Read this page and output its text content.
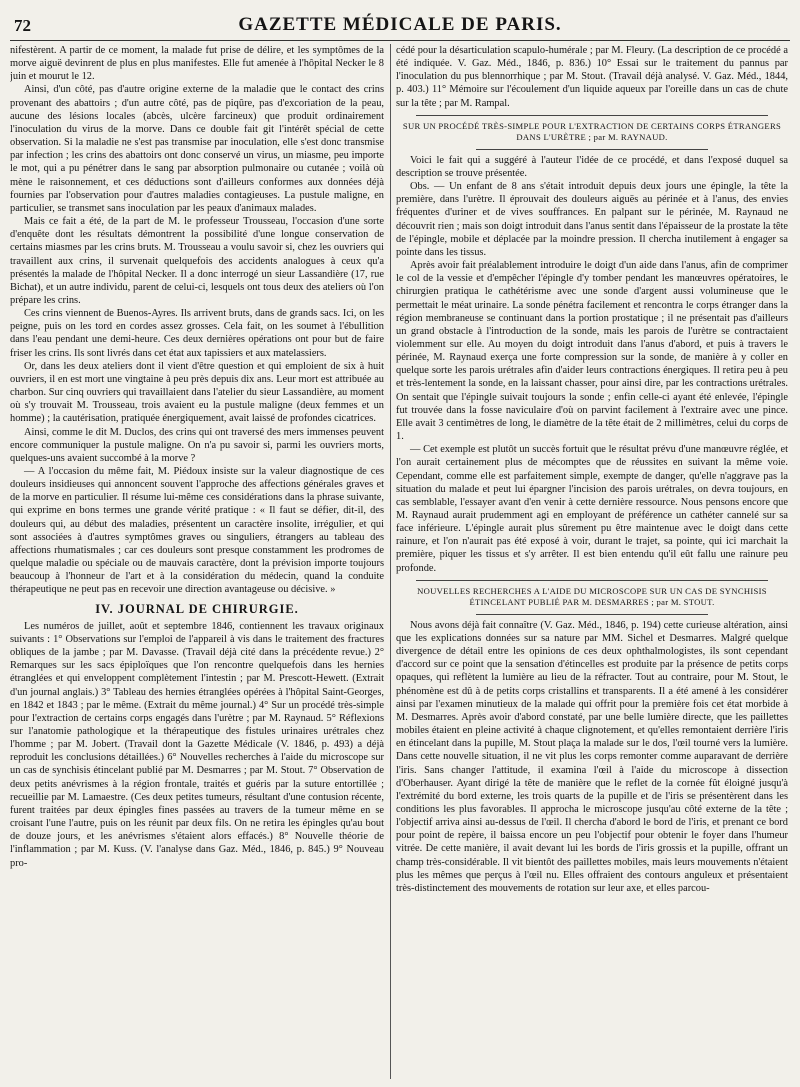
72	GAZETTE MÉDICALE DE PARIS.

nifestèrent. A partir de ce moment, la malade fut prise de délire, et les symptômes de la morve aiguë devinrent de plus en plus manifestes. Elle fut amenée à l'hôpital Necker le 8 juin et mourut le 12.

Ainsi, d'un côté, pas d'autre origine externe de la maladie que le contact des crins provenant des abattoirs ; d'un autre côté, pas de piqûre, pas d'excoriation de la peau, aucune des lésions locales (abcès, ulcère farcineux) que produit ordinairement l'inoculation du virus de la morve. Dans ce double fait git l'intérêt spécial de cette observation. Si la maladie ne s'est pas transmise par inoculation, elle s'est donc transmise par infection ; les crins des abattoirs ont donc conservé un virus, un miasme, peu importe le mot, qui a pu pénétrer dans le sang par absorption pulmonaire ou cutanée ; voilà où mène le raisonnement, et ces déductions sont d'ailleurs conformes aux données déjà fournies par l'observation pour d'autres maladies contagieuses. La pustule maligne, en particulier, se transmet sans inoculation par les peaux d'animaux malades.

Mais ce fait a été, de la part de M. le professeur Trousseau, l'occasion d'une sorte d'enquête dont les résultats démontrent la possibilité d'une longue conservation de certains miasmes par les crins bruts. M. Trousseau a voulu savoir si, chez les ouvriers qui travaillent aux crins, il survenait quelquefois des accidents analogues à ceux qu'a présentés la malade de l'hôpital Necker. Il a donc interrogé un sieur Lassandière (17, rue Bichat), et un autre individu, parent de celui-ci, lesquels ont tous deux des ateliers où l'on prépare les crins.

Ces crins viennent de Buenos-Ayres. Ils arrivent bruts, dans de grands sacs. Ici, on les peigne, puis on les tord en cordes assez grosses. Cela fait, on les soumet à l'ébullition dans l'eau pendant une demi-heure. Ces deux dernières opérations ont pour but de faire friser les crins. Ils sont livrés dans cet état aux tapissiers et aux matelassiers.

Or, dans les deux ateliers dont il vient d'être question et qui emploient de six à huit ouvriers, il en est mort une vingtaine à peu près depuis dix ans. Leur mort est attribuée au charbon. Sur cinq ouvriers qui travaillaient dans l'atelier du sieur Lassandière, au moment où s'y trouvait M. Trousseau, trois avaient eu la pustule maligne (deux femmes et un homme) ; la cautérisation, pratiquée énergiquement, avait laissé de profondes cicatrices.

Ainsi, comme le dit M. Duclos, des crins qui ont traversé des mers immenses peuvent encore communiquer la pustule maligne. On n'a pu savoir si, parmi les ouvriers morts, quelques-uns avaient succombé à la morve ?

— A l'occasion du même fait, M. Piédoux insiste sur la valeur diagnostique de ces douleurs insidieuses qui annoncent souvent l'approche des affections générales graves et de la morve en particulier. Il résume lui-même ces considérations dans la phrase suivante, qui exprime en bons termes une grande vérité pratique : « Il faut se défier, dit-il, des douleurs qui, au début des maladies, présentent un caractère insolite, irrégulier, et qui sont associées à d'autres symptômes graves ou singuliers, étrangers au tableau des affections rhumatismales ; car ces douleurs sont presque constamment les prodromes de quelque maladie ou spéciale ou de mauvais caractère, dont la prévision importe toujours beaucoup à l'honneur de l'art et à la considération du médecin, quand la conduite thérapeutique ne peut pas en recevoir une direction avantageuse ou décisive. »

IV. JOURNAL DE CHIRURGIE.

Les numéros de juillet, août et septembre 1846, contiennent les travaux originaux suivants : 1° Observations sur l'emploi de l'appareil à vis dans le traitement des fractures obliques de la jambe ; par M. Davasse. (Travail déjà cité dans la précédente revue.) 2° Remarques sur les sacs épiploïques que l'on rencontre quelquefois dans les hernies étranglées et qui enveloppent complètement l'intestin ; par M. Prescott-Hewett. (Extrait d'un journal anglais.) 3° Tableau des hernies étranglées opérées à l'hôpital Saint-Georges, en 1842 et 1843 ; par le même. (Extrait du même journal.) 4° Sur un procédé très-simple pour l'extraction de certains corps engagés dans l'urètre ; par M. Raynaud. 5° Réflexions sur l'anatomie pathologique et la thérapeutique des fistules urinaires urétrales chez l'homme ; par M. Jobert. (Travail dont la Gazette Médicale (V. 1846, p. 493) a déjà reproduit les conclusions détaillées.) 6° Nouvelles recherches à l'aide du microscope sur un cas de synchisis étincelant publié par M. Desmarres ; par M. Stout. 7° Observation de deux petits anévrismes à la région frontale, traités et guéris par la suture entortillée ; recueillie par M. Lamaestre. (Ces deux petites tumeurs, résultant d'une contusion récente, furent traitées par deux épingles fines passées au travers de la tumeur même en se croisant l'une l'autre, puis on les réunit par deux fils. On ne retira les épingles qu'au bout de douze jours, et les anévrismes s'étaient alors effacés.) 8° Nouvelle théorie de l'inflammation ; par M. Kuss. (V. l'analyse dans Gaz. Méd., 1846, p. 845.) 9° Nouveau pro-

cédé pour la désarticulation scapulo-humérale ; par M. Fleury. (La description de ce procédé a été indiquée. V. Gaz. Méd., 1846, p. 836.) 10° Essai sur le traitement du pannus par l'inoculation du pus blennorrhique ; par M. Stout. (Travail déjà analysé. V. Gaz. Méd., 1844, p. 403.) 11° Mémoire sur l'écoulement d'un liquide aqueux par l'oreille dans un cas de chute sur la tête ; par M. Rampal.

SUR UN PROCÉDÉ TRÈS-SIMPLE POUR L'EXTRACTION DE CERTAINS CORPS ÉTRANGERS DANS L'URÈTRE ; par M. RAYNAUD.

Voici le fait qui a suggéré à l'auteur l'idée de ce procédé, et dans l'exposé duquel sa description se trouve présentée.

Obs. — Un enfant de 8 ans s'était introduit depuis deux jours une épingle, la tête la première, dans l'urètre. Il éprouvait des douleurs aiguës au périnée et à l'anus, des envies fréquentes d'uriner et de vives souffrances. En palpant sur le périnée, M. Raynaud ne découvrit rien ; mais son doigt introduit dans l'anus sentit dans l'épaisseur de la prostate la tête de l'épingle, mobile et déplacée par la moindre pression. Il chercha inutilement à engager sa pointe dans les tissus.

Après avoir fait préalablement introduire le doigt d'un aide dans l'anus, afin de comprimer le col de la vessie et d'empêcher l'épingle d'y tomber pendant les manœuvres opératoires, le chirurgien pratiqua le cathétérisme avec une sonde d'argent aussi volumineuse que le permettait le méat urinaire. La sonde pénétra facilement et rencontra le corps étranger dans la région membraneuse se continuant dans la portion prostatique ; il ne présentait pas d'ailleurs un grand obstacle à l'introduction de la sonde, mais les parois de l'urètre se contractaient violemment sur elle. Au moyen du doigt introduit dans l'anus d'abord, et puis à travers le périnée, M. Raynaud exerça une forte compression sur la sonde, de manière à y coller en quelque sorte les parois urétrales afin d'aider leurs contractions énergiques. Il retira peu à peu et très-lentement la sonde, en la laissant chasser, pour ainsi dire, par les contractions urétrales. On sentait que l'épingle suivait toujours la sonde ; enfin celle-ci ayant été enlevée, l'épingle fut trouvée dans la fosse naviculaire d'où on parvint facilement à l'extraire avec une pince. Elle avait 3 centimètres de long, le diamètre de la tête était de 2 millimètres, celui du corps de 1.

— Cet exemple est plutôt un succès fortuit que le résultat prévu d'une manœuvre réglée, et l'on aurait certainement plus de mécomptes que de réussites en suivant la même voie. Cependant, comme elle est parfaitement simple, exempte de danger, qu'elle n'aggrave pas la situation du malade et peut lui épargner l'incision des parois urétrales, on devra toujours, en cas semblable, l'essayer avant d'en venir à cette dernière ressource. Nous pensons encore que M. Raynaud aurait prudemment agi en employant de préférence un cathéter cannelé sur sa face inférieure. L'épingle aurait plus sûrement pu être maintenue avec le doigt dans cette rainure, et l'on n'aurait pas été exposé à voir, durant le trajet, sa pointe, qui ici marchait la première, piquer les tissus et s'y arrêter. Il est bien entendu qu'il eût fallu une rainure peu profonde.

NOUVELLES RECHERCHES A L'AIDE DU MICROSCOPE SUR UN CAS DE SYNCHISIS ÉTINCELANT PUBLIÉ PAR M. DESMARRES ; par M. STOUT.

Nous avons déjà fait connaître (V. Gaz. Méd., 1846, p. 194) cette curieuse altération, ainsi que les explications données sur sa nature par MM. Sichel et Desmarres. Malgré quelque divergence de détail entre les opinions de ces deux ophthalmologistes, ils sont cependant d'accord sur ce point que la sensation d'étincelles est produite par la présence de petits corps opaques, qui reflètent la lumière au lieu de la réfracter. Tout au contraire, pour M. Stout, le phénomène est dû à de petits corps cristallins et transparents. Il a été amené à les considérer ainsi par l'examen minutieux de la malade qui offrit pour la première fois cet état morbide à M. Desmarres. Après avoir d'abord constaté, par une belle lumière directe, que les paillettes mobiles étaient en pleine activité à chaque clignotement, et qu'elles remontaient derrière l'iris en étincelant dans la pupille, M. Stout plaça la malade sur le dos, l'œil tourné vers la lumière. Dans cette nouvelle situation, il ne vit plus les corps remonter comme auparavant de derrière l'iris. Sans changer l'attitude, il examina l'œil à l'aide du microscope à dissection d'Oberhauser. Ayant dirigé la tête de manière que le reflet de la cornée fût éloigné jusqu'à l'extrémité du bord externe, les trois quarts de la pupille et de l'iris se présentèrent dans les conditions les plus favorables. Il approcha le microscope jusqu'au côté externe de la tête ; l'objectif arriva ainsi au-dessus de l'œil. Il chercha d'abord le bord de l'iris, et prenant ce bord pour point de repère, il baissa encore un peu l'objectif pour obtenir le foyer dans l'humeur vitrée. De cette manière, il avait devant lui les bords de l'iris grossis et la pupille, offrant un champ très-considérable. Il vit bientôt des paillettes mobiles, mais leurs mouvements n'étaient plus les mêmes que perçus à l'œil nu. Elles offraient des contours anguleux et présentaient très-distinctement des mouvements de rotation sur leur axe, et elles parcou-
